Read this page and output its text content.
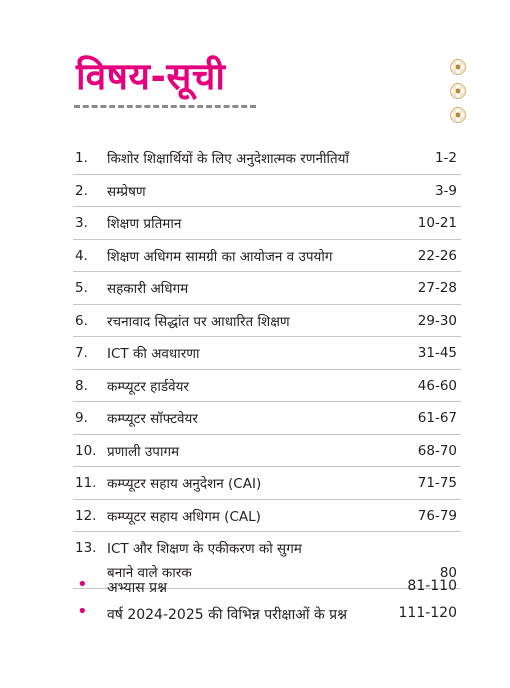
विषय-सूची
1. किशोर शिक्षार्थियों के लिए अनुदेशात्मक रणनीतियाँ	1-2
2. सम्प्रेषण	3-9
3. शिक्षण प्रतिमान	10-21
4. शिक्षण अधिगम सामग्री का आयोजन व उपयोग	22-26
5. सहकारी अधिगम	27-28
6. रचनावाद सिद्धांत पर आधारित शिक्षण	29-30
7. ICT की अवधारणा	31-45
8. कम्प्यूटर हार्डवेयर	46-60
9. कम्प्यूटर सॉफ्टवेयर	61-67
10. प्रणाली उपागम	68-70
11. कम्प्यूटर सहाय अनुदेशन (CAI)	71-75
12. कम्प्यूटर सहाय अधिगम (CAL)	76-79
13. ICT और शिक्षण के एकीकरण को सुगम
बनाने वाले कारक	80
• अभ्यास प्रश्न	81-110
• वर्ष 2024-2025 की विभिन्न परीक्षाओं के प्रश्न	111-120
